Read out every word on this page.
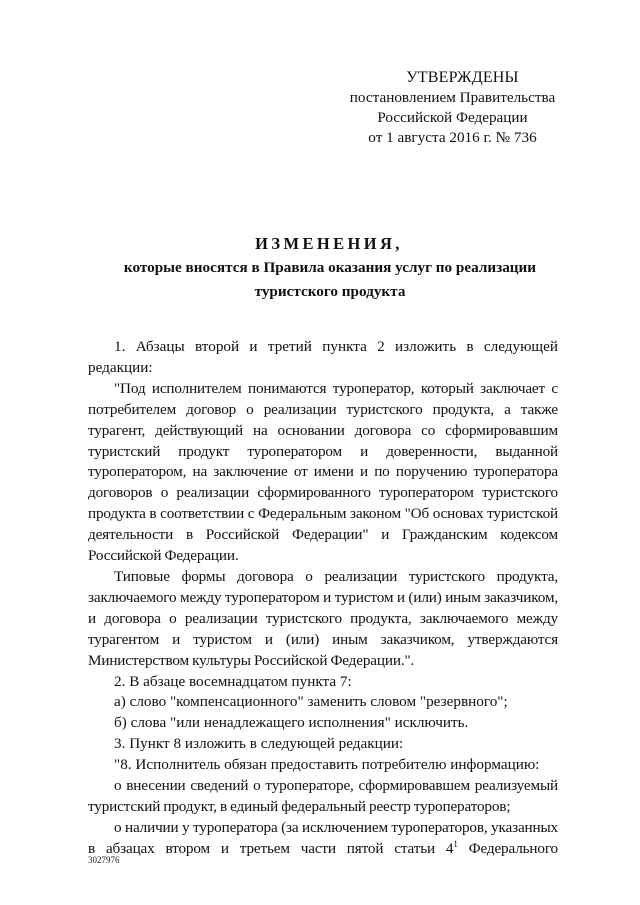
УТВЕРЖДЕНЫ
постановлением Правительства
Российской Федерации
от 1 августа 2016 г. № 736
ИЗМЕНЕНИЯ,
которые вносятся в Правила оказания услуг по реализации
туристского продукта

1. Абзацы второй и третий пункта 2 изложить в следующей редакции:

"Под исполнителем понимаются туроператор, который заключает с потребителем договор о реализации туристского продукта, а также турагент, действующий на основании договора со сформировавшим туристский продукт туроператором и доверенности, выданной туроператором, на заключение от имени и по поручению туроператора договоров о реализации сформированного туроператором туристского продукта в соответствии с Федеральным законом "Об основах туристской деятельности в Российской Федерации" и Гражданским кодексом Российской Федерации.

Типовые формы договора о реализации туристского продукта, заключаемого между туроператором и туристом и (или) иным заказчиком, и договора о реализации туристского продукта, заключаемого между турагентом и туристом и (или) иным заказчиком, утверждаются Министерством культуры Российской Федерации.".

2. В абзаце восемнадцатом пункта 7:

а) слово "компенсационного" заменить словом "резервного";

б) слова "или ненадлежащего исполнения" исключить.

3. Пункт 8 изложить в следующей редакции:

"8. Исполнитель обязан предоставить потребителю информацию:

о внесении сведений о туроператоре, сформировавшем реализуемый туристский продукт, в единый федеральный реестр туроператоров;

о наличии у туроператора (за исключением туроператоров, указанных в абзацах втором и третьем части пятой статьи $4^1$ Федерального

3027976
